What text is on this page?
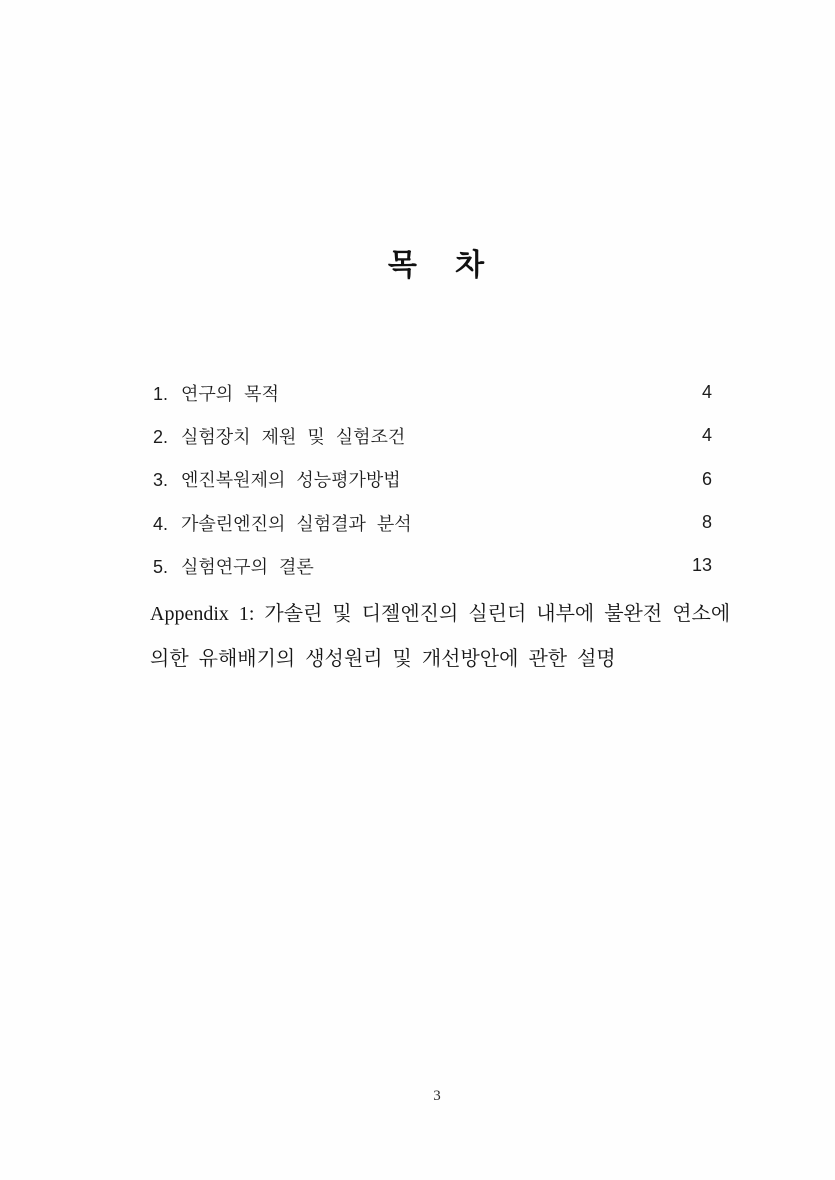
목 차
1. 연구의 목적	4
2. 실험장치 제원 및 실험조건	4
3. 엔진복원제의 성능평가방법	6
4. 가솔린엔진의 실험결과 분석	8
5. 실험연구의 결론	13
Appendix 1: 가솔린 및 디젤엔진의 실린더 내부에 불완전 연소에
의한 유해배기의 생성원리 및 개선방안에 관한 설명
3
